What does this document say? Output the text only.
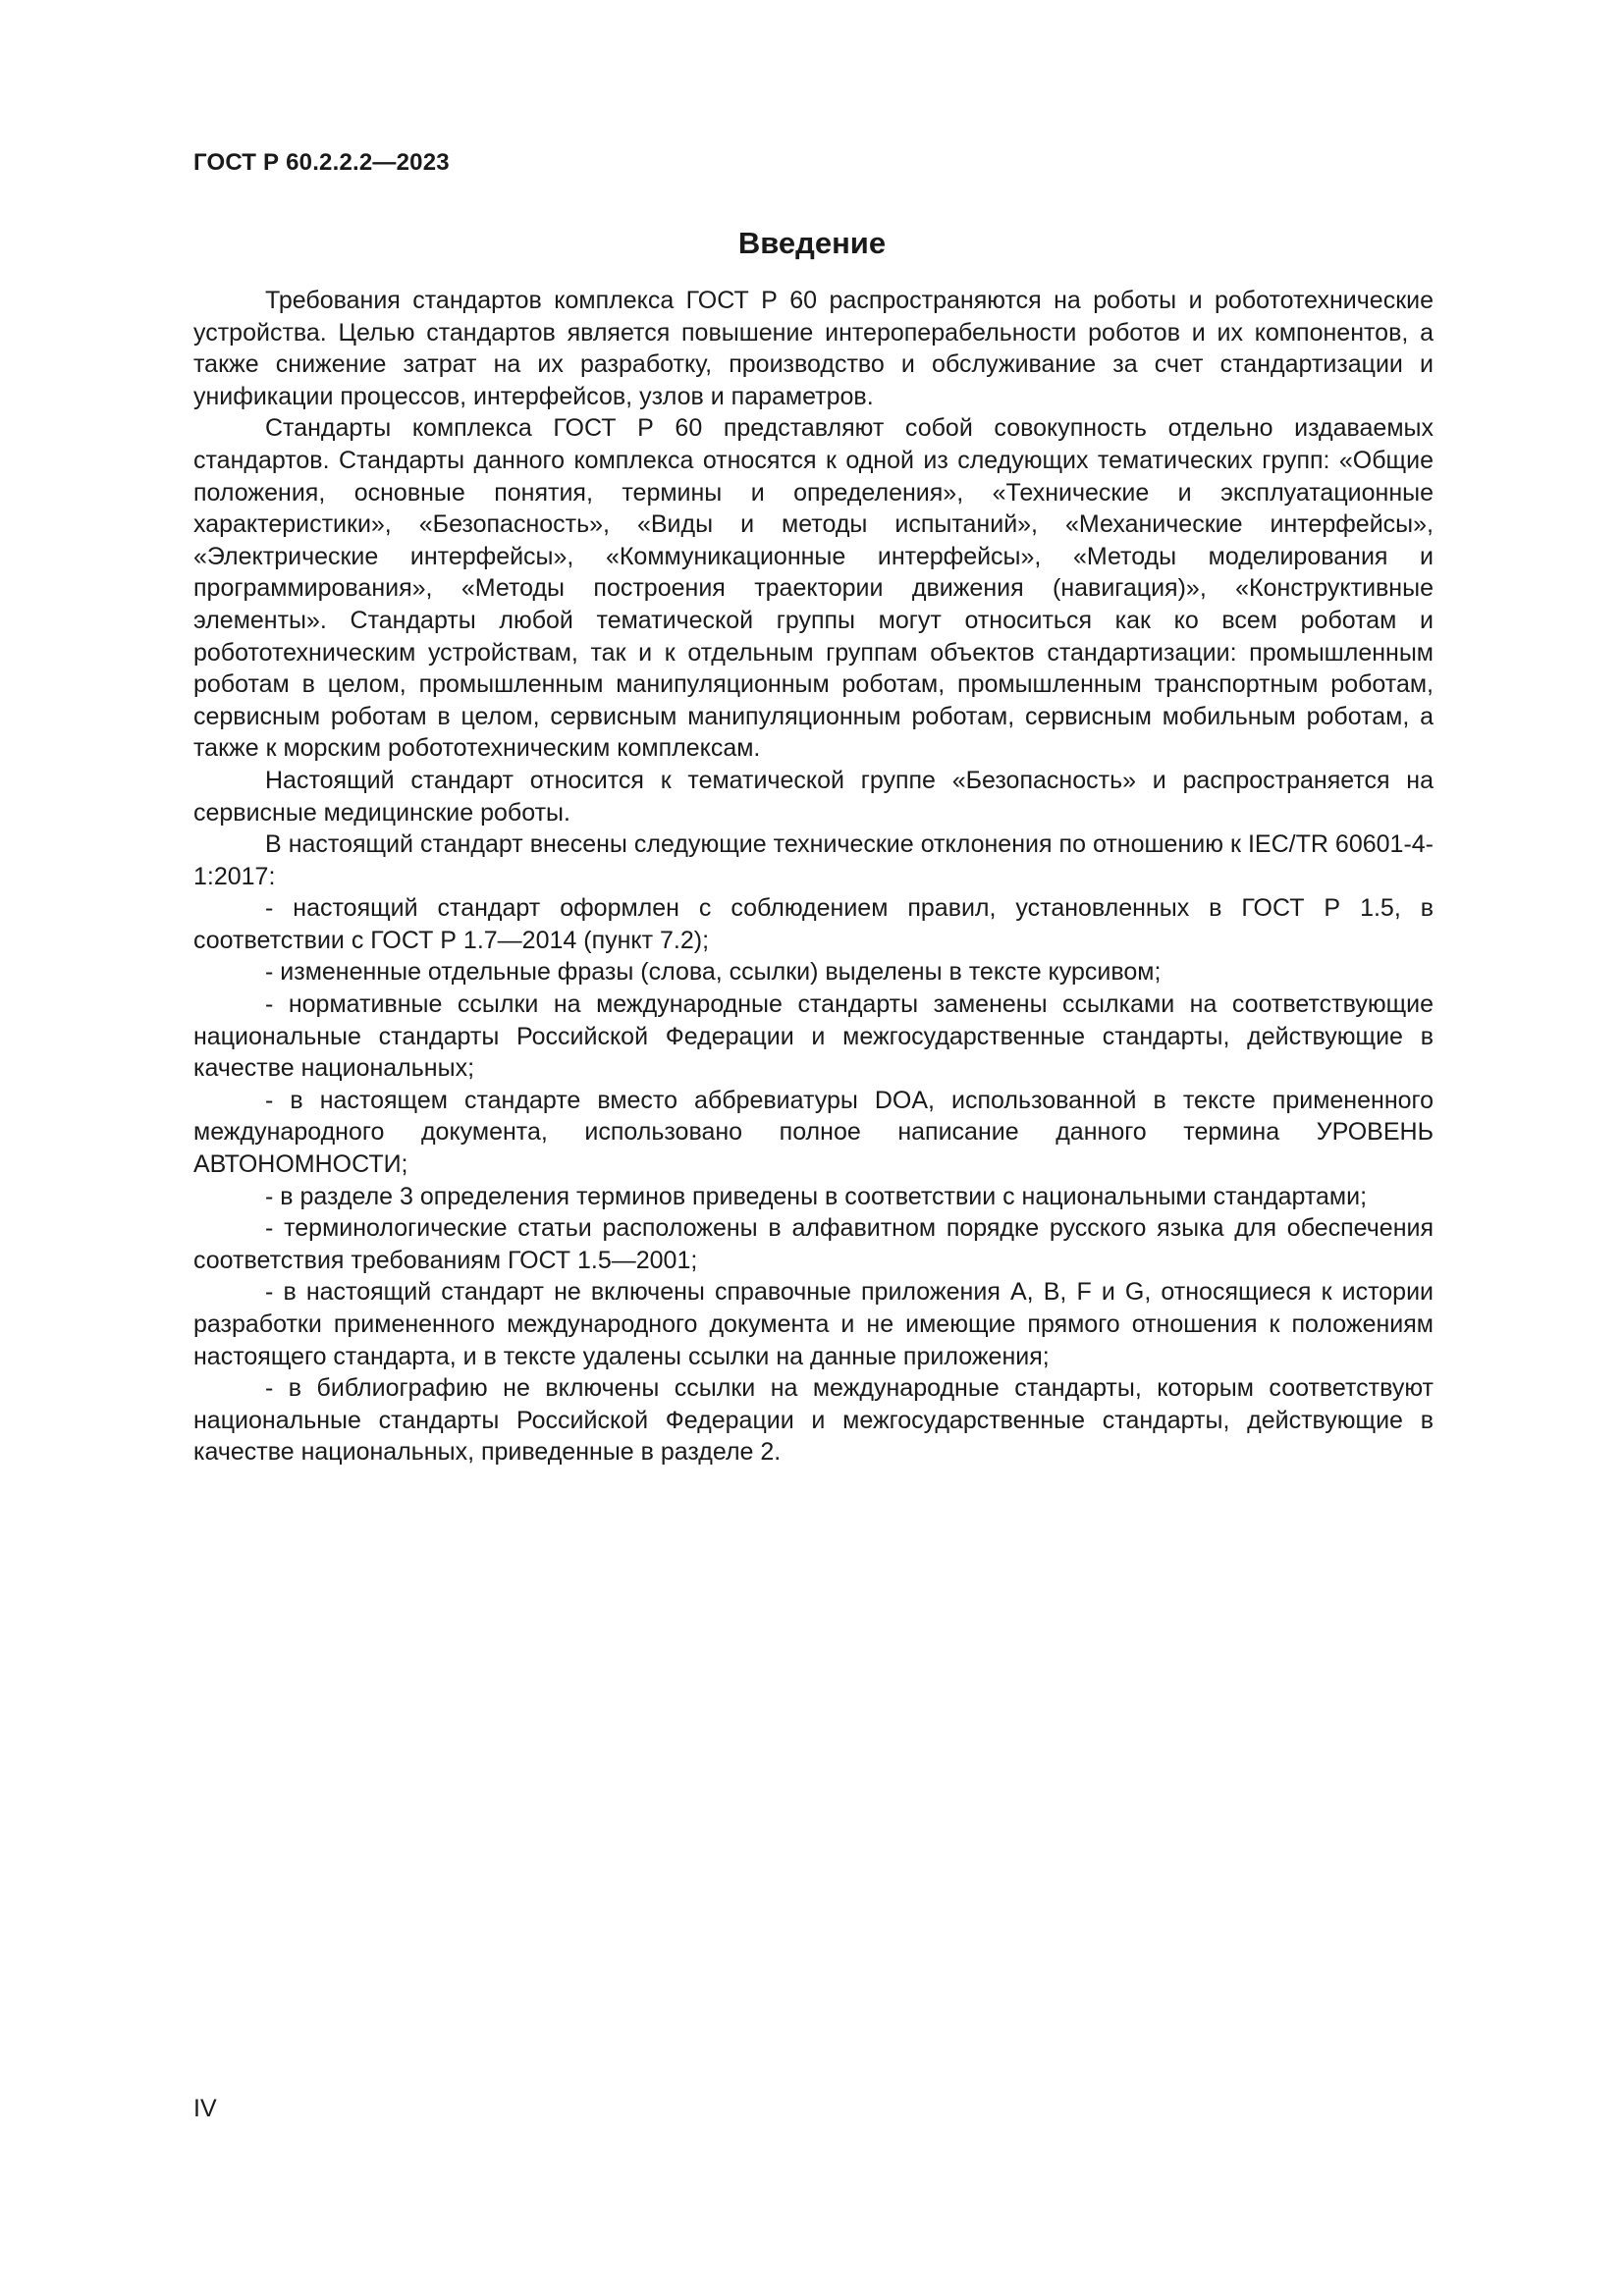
ГОСТ Р 60.2.2.2—2023
Введение

Требования стандартов комплекса ГОСТ Р 60 распространяются на роботы и робототехнические устройства. Целью стандартов является повышение интероперабельности роботов и их компонентов, а также снижение затрат на их разработку, производство и обслуживание за счет стандартизации и унификации процессов, интерфейсов, узлов и параметров.

Стандарты комплекса ГОСТ Р 60 представляют собой совокупность отдельно издаваемых стандартов. Стандарты данного комплекса относятся к одной из следующих тематических групп: «Общие положения, основные понятия, термины и определения», «Технические и эксплуатационные характеристики», «Безопасность», «Виды и методы испытаний», «Механические интерфейсы», «Электрические интерфейсы», «Коммуникационные интерфейсы», «Методы моделирования и программирования», «Методы построения траектории движения (навигация)», «Конструктивные элементы». Стандарты любой тематической группы могут относиться как ко всем роботам и робототехническим устройствам, так и к отдельным группам объектов стандартизации: промышленным роботам в целом, промышленным манипуляционным роботам, промышленным транспортным роботам, сервисным роботам в целом, сервисным манипуляционным роботам, сервисным мобильным роботам, а также к морским робототехническим комплексам.

Настоящий стандарт относится к тематической группе «Безопасность» и распространяется на сервисные медицинские роботы.

В настоящий стандарт внесены следующие технические отклонения по отношению к IEC/TR 60601-4-1:2017:

- настоящий стандарт оформлен с соблюдением правил, установленных в ГОСТ Р 1.5, в соответствии с ГОСТ Р 1.7—2014 (пункт 7.2);

- измененные отдельные фразы (слова, ссылки) выделены в тексте курсивом;

- нормативные ссылки на международные стандарты заменены ссылками на соответствующие национальные стандарты Российской Федерации и межгосударственные стандарты, действующие в качестве национальных;

- в настоящем стандарте вместо аббревиатуры DOA, использованной в тексте примененного международного документа, использовано полное написание данного термина УРОВЕНЬ АВТОНОМНОСТИ;

- в разделе 3 определения терминов приведены в соответствии с национальными стандартами;

- терминологические статьи расположены в алфавитном порядке русского языка для обеспечения соответствия требованиям ГОСТ 1.5—2001;

- в настоящий стандарт не включены справочные приложения A, B, F и G, относящиеся к истории разработки примененного международного документа и не имеющие прямого отношения к положениям настоящего стандарта, и в тексте удалены ссылки на данные приложения;

- в библиографию не включены ссылки на международные стандарты, которым соответствуют национальные стандарты Российской Федерации и межгосударственные стандарты, действующие в качестве национальных, приведенные в разделе 2.

IV
